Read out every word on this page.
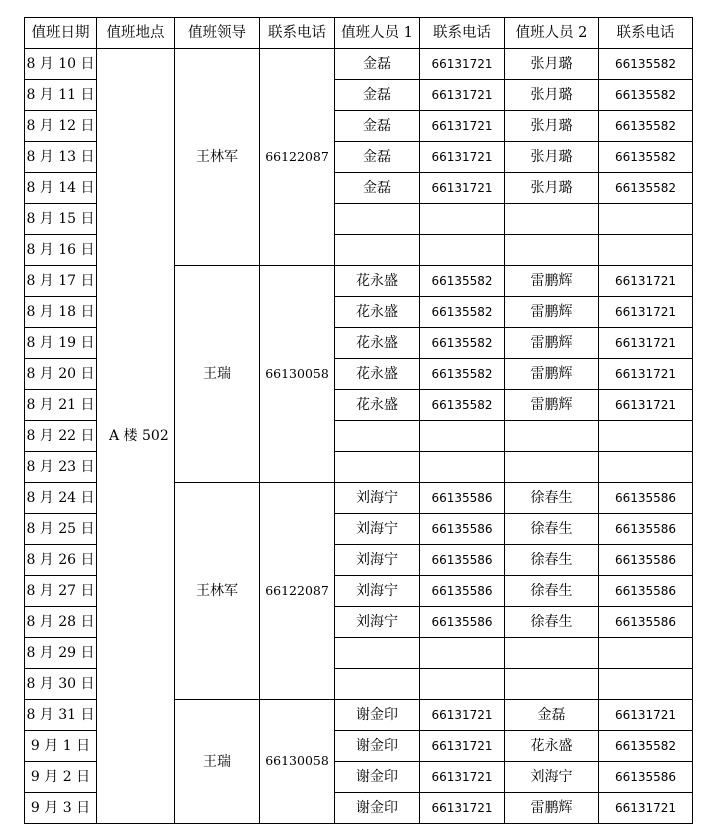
值班日期	值班地点	值班领导	联系电话	值班人员 1	联系电话	值班人员 2	联系电话
8 月 10 日	A 楼 502	王林军	66122087	金磊	66131721	张月璐	66135582
8 月 11 日				金磊	66131721	张月璐	66135582
8 月 12 日				金磊	66131721	张月璐	66135582
8 月 13 日				金磊	66131721	张月璐	66135582
8 月 14 日				金磊	66131721	张月璐	66135582
8 月 15 日							
8 月 16 日							
8 月 17 日		王瑞	66130058	花永盛	66135582	雷鹏辉	66131721
8 月 18 日				花永盛	66135582	雷鹏辉	66131721
8 月 19 日				花永盛	66135582	雷鹏辉	66131721
8 月 20 日				花永盛	66135582	雷鹏辉	66131721
8 月 21 日				花永盛	66135582	雷鹏辉	66131721
8 月 22 日							
8 月 23 日							
8 月 24 日		王林军	66122087	刘海宁	66135586	徐春生	66135586
8 月 25 日				刘海宁	66135586	徐春生	66135586
8 月 26 日				刘海宁	66135586	徐春生	66135586
8 月 27 日				刘海宁	66135586	徐春生	66135586
8 月 28 日				刘海宁	66135586	徐春生	66135586
8 月 29 日							
8 月 30 日							
8 月 31 日		王瑞	66130058	谢金印	66131721	金磊	66131721
9 月 1 日				谢金印	66131721	花永盛	66135582
9 月 2 日				谢金印	66131721	刘海宁	66135586
9 月 3 日				谢金印	66131721	雷鹏辉	66131721
